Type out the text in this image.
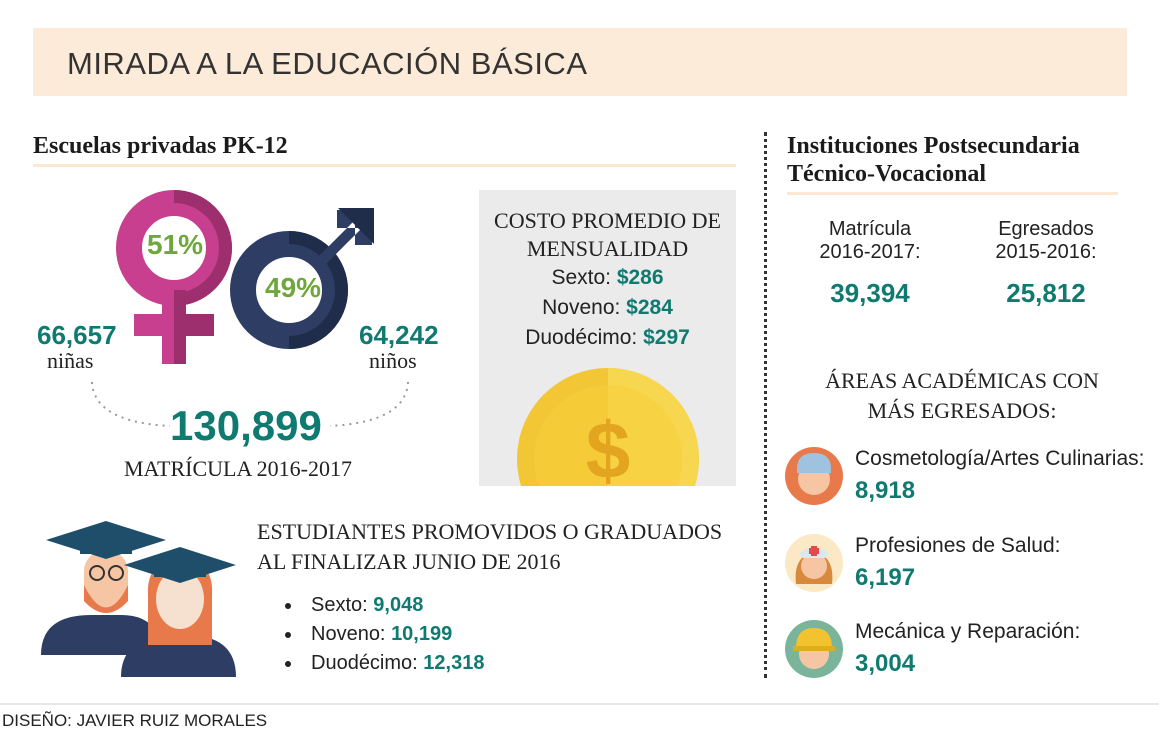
MIRADA A LA EDUCACIÓN BÁSICA
Escuelas privadas PK-12
51%
49%
66,657
niñas
64,242
niños
130,899
MATRÍCULA 2016-2017
COSTO PROMEDIO DE
MENSUALIDAD
Sexto: $286
Noveno: $284
Duodécimo: $297
$
ESTUDIANTES PROMOVIDOS O GRADUADOS
AL FINALIZAR JUNIO DE 2016
Sexto: 9,048
Noveno: 10,199
Duodécimo: 12,318
Instituciones Postsecundaria
Técnico-Vocacional
Matrícula
2016-2017:
39,394
Egresados
2015-2016:
25,812
ÁREAS ACADÉMICAS CON
MÁS EGRESADOS:
Cosmetología/Artes Culinarias:
8,918
Profesiones de Salud:
6,197
Mecánica y Reparación:
3,004
DISEÑO: JAVIER RUIZ MORALES
